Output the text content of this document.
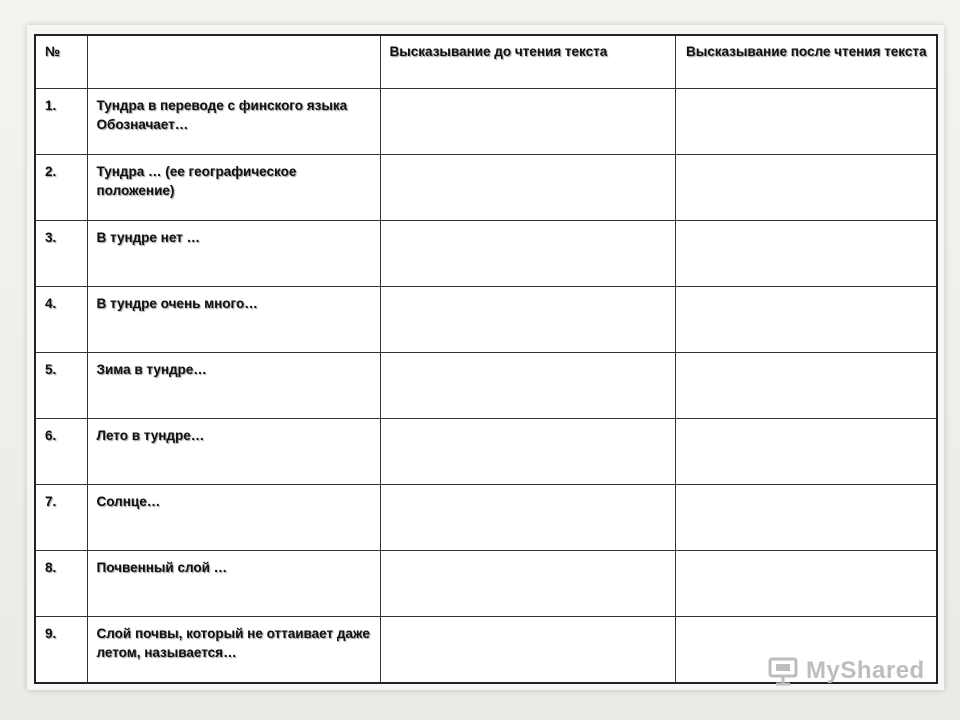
№		Высказывание до чтения текста	Высказывание после чтения текста
1.	Тундра в переводе с финского языка Обозначает…		
2.	Тундра … (ее географическое положение)		
3.	В тундре нет …		
4.	В тундре очень много…		
5.	Зима в тундре…		
6.	Лето в тундре…		
7.	Солнце…		
8.	Почвенный слой …		
9.	Слой почвы, который не оттаивает даже летом, называется…		
MyShared
